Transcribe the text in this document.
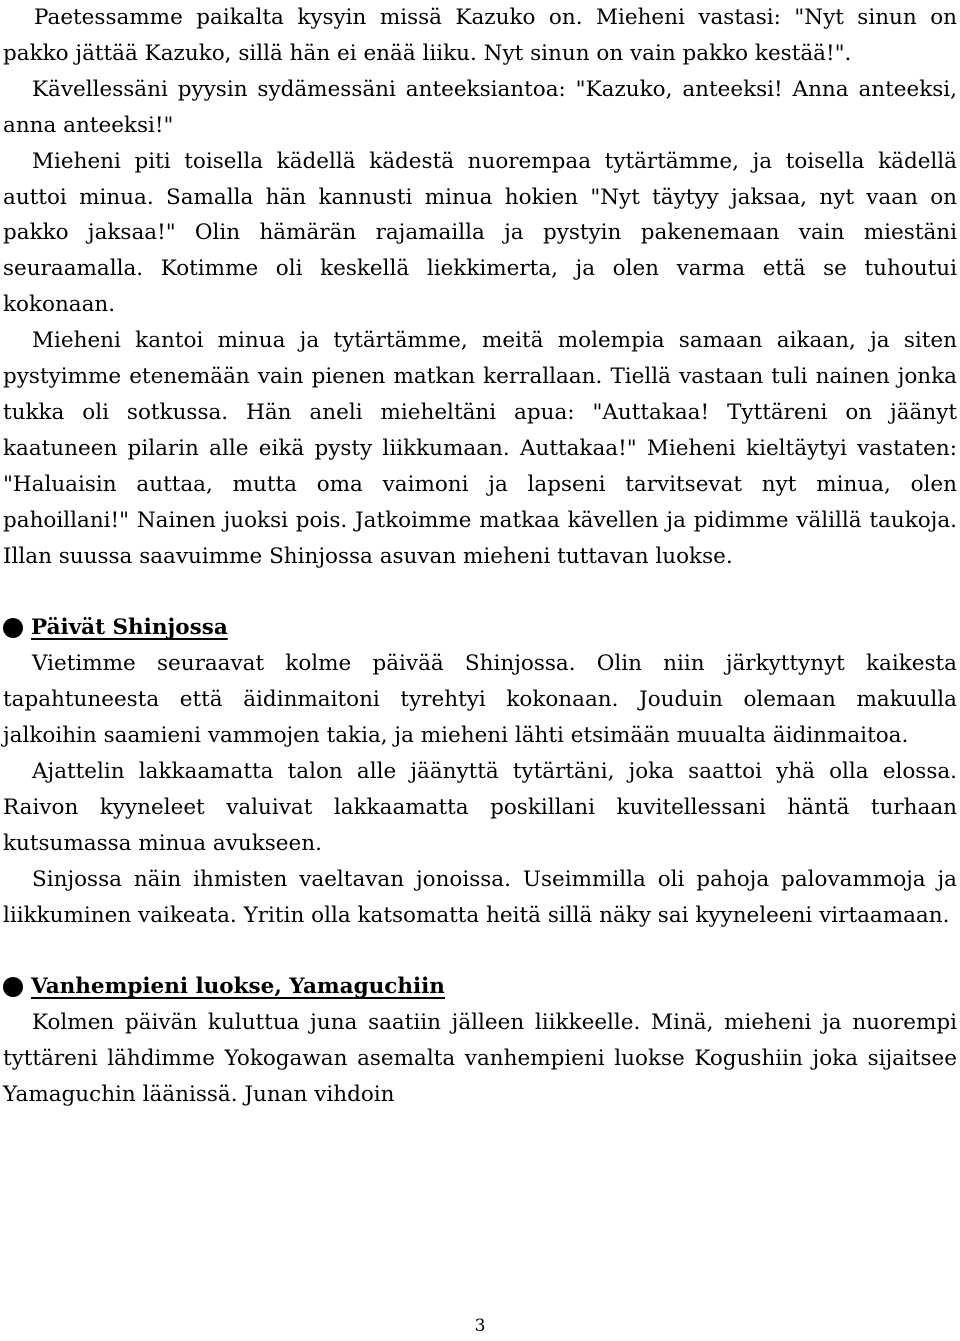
Paetessamme paikalta kysyin missä Kazuko on. Mieheni vastasi: "Nyt sinun on pakko jättää Kazuko, sillä hän ei enää liiku. Nyt sinun on vain pakko kestää!".

Kävellessäni pyysin sydämessäni anteeksiantoa: "Kazuko, anteeksi! Anna anteeksi, anna anteeksi!"

Mieheni piti toisella kädellä kädestä nuorempaa tytärtämme, ja toisella kädellä auttoi minua. Samalla hän kannusti minua hokien "Nyt täytyy jaksaa, nyt vaan on pakko jaksaa!" Olin hämärän rajamailla ja pystyin pakenemaan vain miestäni seuraamalla. Kotimme oli keskellä liekkimerta, ja olen varma että se tuhoutui kokonaan.

Mieheni kantoi minua ja tytärtämme, meitä molempia samaan aikaan, ja siten pystyimme etenemään vain pienen matkan kerrallaan. Tiellä vastaan tuli nainen jonka tukka oli sotkussa. Hän aneli mieheltäni apua: "Auttakaa! Tyttäreni on jäänyt kaatuneen pilarin alle eikä pysty liikkumaan. Auttakaa!" Mieheni kieltäytyi vastaten: "Haluaisin auttaa, mutta oma vaimoni ja lapseni tarvitsevat nyt minua, olen pahoillani!" Nainen juoksi pois. Jatkoimme matkaa kävellen ja pidimme välillä taukoja. Illan suussa saavuimme Shinjossa asuvan mieheni tuttavan luokse.

Päivät Shinjossa

Vietimme seuraavat kolme päivää Shinjossa. Olin niin järkyttynyt kaikesta tapahtuneesta että äidinmaitoni tyrehtyi kokonaan. Jouduin olemaan makuulla jalkoihin saamieni vammojen takia, ja mieheni lähti etsimään muualta äidinmaitoa.

Ajattelin lakkaamatta talon alle jäänyttä tytärtäni, joka saattoi yhä olla elossa. Raivon kyyneleet valuivat lakkaamatta poskillani kuvitellessani häntä turhaan kutsumassa minua avukseen.

Sinjossa näin ihmisten vaeltavan jonoissa. Useimmilla oli pahoja palovammoja ja liikkuminen vaikeata. Yritin olla katsomatta heitä sillä näky sai kyyneleeni virtaamaan.

Vanhempieni luokse, Yamaguchiin

Kolmen päivän kuluttua juna saatiin jälleen liikkeelle. Minä, mieheni ja nuorempi tyttäreni lähdimme Yokogawan asemalta vanhempieni luokse Kogushiin joka sijaitsee Yamaguchin läänissä. Junan vihdoin

3
